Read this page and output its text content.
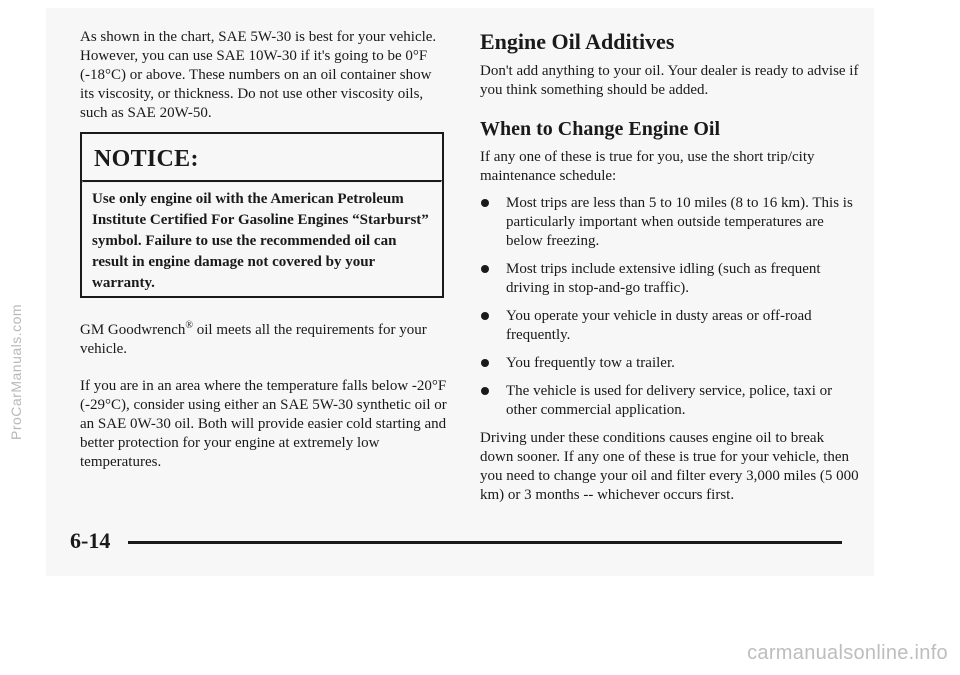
As shown in the chart, SAE 5W-30 is best for your vehicle. However, you can use SAE 10W-30 if it's going to be 0°F (-18°C) or above. These numbers on an oil container show its viscosity, or thickness. Do not use other viscosity oils, such as SAE 20W-50.

NOTICE:
Use only engine oil with the American Petroleum Institute Certified For Gasoline Engines “Starburst” symbol. Failure to use the recommended oil can result in engine damage not covered by your warranty.

GM Goodwrench® oil meets all the requirements for your vehicle.

If you are in an area where the temperature falls below -20°F (-29°C), consider using either an SAE 5W-30 synthetic oil or an SAE 0W-30 oil. Both will provide easier cold starting and better protection for your engine at extremely low temperatures.

Engine Oil Additives

Don't add anything to your oil. Your dealer is ready to advise if you think something should be added.

When to Change Engine Oil

If any one of these is true for you, use the short trip/city maintenance schedule:

Most trips are less than 5 to 10 miles (8 to 16 km). This is particularly important when outside temperatures are below freezing.
Most trips include extensive idling (such as frequent driving in stop-and-go traffic).
You operate your vehicle in dusty areas or off-road frequently.
You frequently tow a trailer.
The vehicle is used for delivery service, police, taxi or other commercial application.

Driving under these conditions causes engine oil to break down sooner. If any one of these is true for your vehicle, then you need to change your oil and filter every 3,000 miles (5 000 km) or 3 months -- whichever occurs first.

6-14
ProCarManuals.com
carmanualsonline.info
